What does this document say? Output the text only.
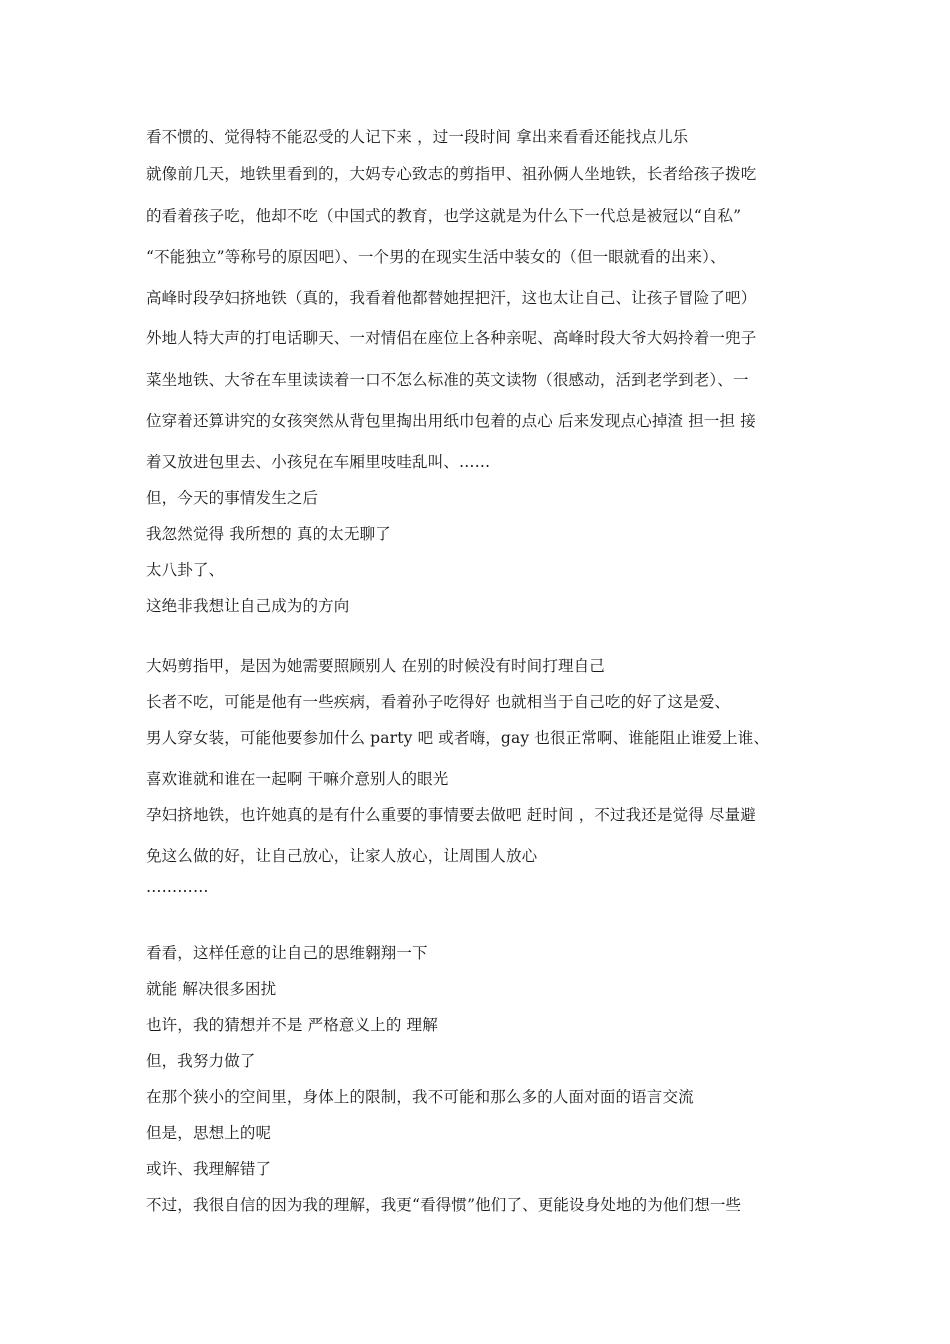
看不惯的、觉得特不能忍受的人记下来 ，过一段时间 拿出来看看还能找点儿乐
就像前几天，地铁里看到的，大妈专心致志的剪指甲、祖孙俩人坐地铁，长者给孩子拨吃
的看着孩子吃，他却不吃（中国式的教育，也学这就是为什么下一代总是被冠以“自私”
“不能独立”等称号的原因吧）、一个男的在现实生活中装女的（但一眼就看的出来）、
高峰时段孕妇挤地铁（真的，我看着他都替她捏把汗，这也太让自己、让孩子冒险了吧）
外地人特大声的打电话聊天、一对情侣在座位上各种亲呢、高峰时段大爷大妈拎着一兜子
菜坐地铁、大爷在车里读读着一口不怎么标准的英文读物（很感动，活到老学到老）、一
位穿着还算讲究的女孩突然从背包里掏出用纸巾包着的点心 后来发现点心掉渣 担一担 接
着又放进包里去、小孩兒在车厢里吱哇乱叫、……
但，今天的事情发生之后
我忽然觉得 我所想的 真的太无聊了
太八卦了、
这绝非我想让自己成为的方向
大妈剪指甲，是因为她需要照顾别人 在别的时候没有时间打理自己
长者不吃，可能是他有一些疾病，看着孙子吃得好 也就相当于自己吃的好了这是爱、
男人穿女装，可能他要参加什么 party 吧 或者嗨，gay 也很正常啊、谁能阻止谁爱上谁、
喜欢谁就和谁在一起啊 干嘛介意别人的眼光
孕妇挤地铁，也许她真的是有什么重要的事情要去做吧 赶时间 ，不过我还是觉得 尽量避
免这么做的好，让自己放心，让家人放心，让周围人放心
…………
看看，这样任意的让自己的思维翱翔一下
就能 解决很多困扰
也许，我的猜想并不是 严格意义上的 理解
但，我努力做了
在那个狭小的空间里，身体上的限制，我不可能和那么多的人面对面的语言交流
但是，思想上的呢
或许、我理解错了
不过，我很自信的因为我的理解，我更“看得惯”他们了、更能设身处地的为他们想一些
